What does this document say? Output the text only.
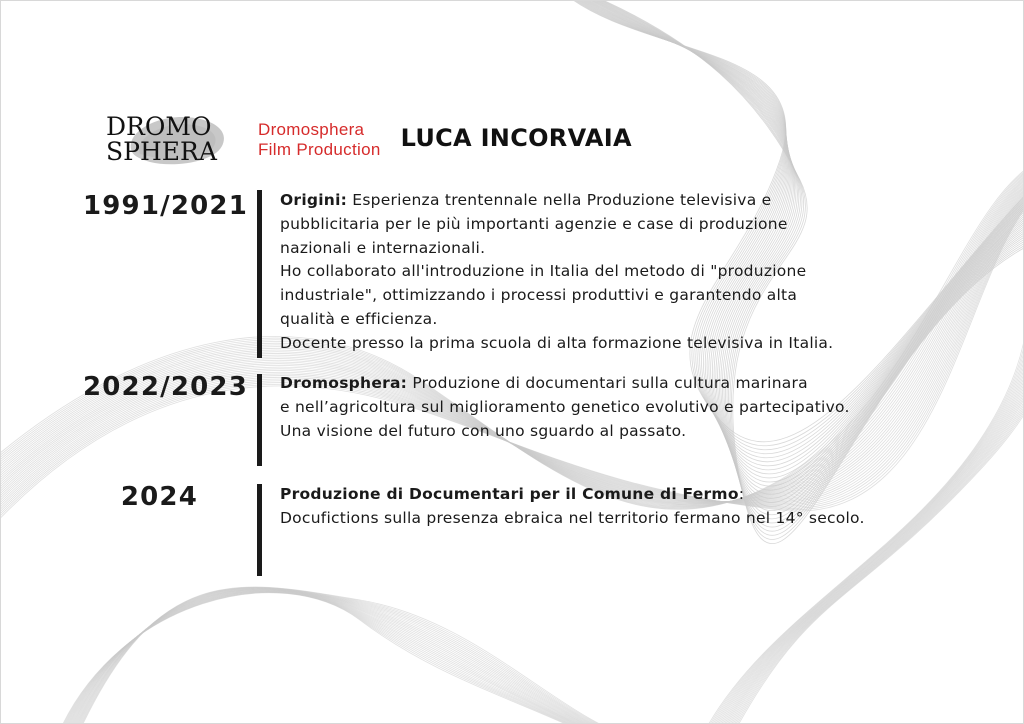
DROMO
SPHERA
Dromosphera
Film Production LUCA INCORVAIA
1991/2021 Origini: Esperienza trentennale nella Produzione televisiva e
pubblicitaria per le più importanti agenzie e case di produzione
nazionali e internazionali.
Ho collaborato all'introduzione in Italia del metodo di "produzione
industriale", ottimizzando i processi produttivi e garantendo alta
qualità e efficienza.
Docente presso la prima scuola di alta formazione televisiva in Italia.
2022/2023 Dromosphera: Produzione di documentari sulla cultura marinara
e nell’agricoltura sul miglioramento genetico evolutivo e partecipativo.
Una visione del futuro con uno sguardo al passato.
2024	Produzione di Documentari per il Comune di Fermo:
Docufictions sulla presenza ebraica nel territorio fermano nel 14° secolo.
